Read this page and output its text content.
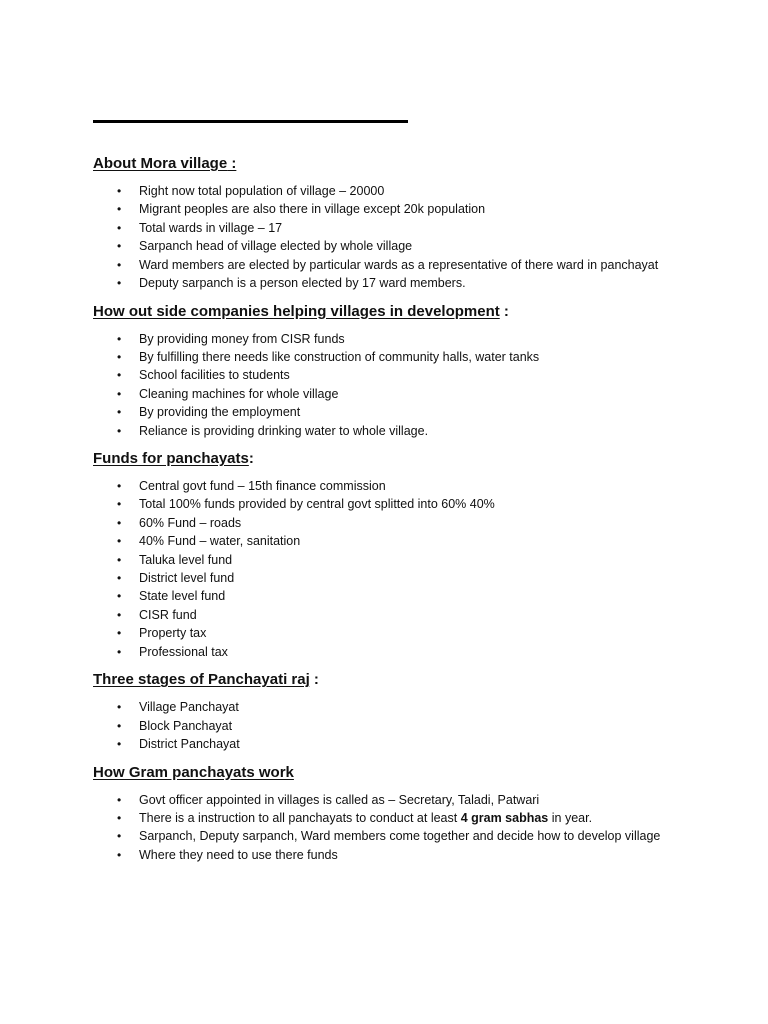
About Mora village :
• Right now total population of village – 20000
• Migrant peoples are also there in village except 20k population
• Total wards in village – 17
• Sarpanch head of village elected by whole village
• Ward members are elected by particular wards as a representative of there ward in panchayat
• Deputy sarpanch is a person elected by 17 ward members.
How out side companies helping villages in development :
• By providing money from CISR funds
• By fulfilling there needs like construction of community halls, water tanks
• School facilities to students
• Cleaning machines for whole village
• By providing the employment
• Reliance is providing drinking water to whole village.
Funds for panchayats:
• Central govt fund – 15th finance commission
• Total 100% funds provided by central govt splitted into 60% 40%
• 60% Fund – roads
• 40% Fund – water, sanitation
• Taluka level fund
• District level fund
• State level fund
• CISR fund
• Property tax
• Professional tax
Three stages of Panchayati raj :
• Village Panchayat
• Block Panchayat
• District Panchayat
How Gram panchayats work
• Govt officer appointed in villages is called as – Secretary, Taladi, Patwari
• There is a instruction to all panchayats to conduct at least 4 gram sabhas in year.
• Sarpanch, Deputy sarpanch, Ward members come together and decide how to develop village
• Where they need to use there funds
